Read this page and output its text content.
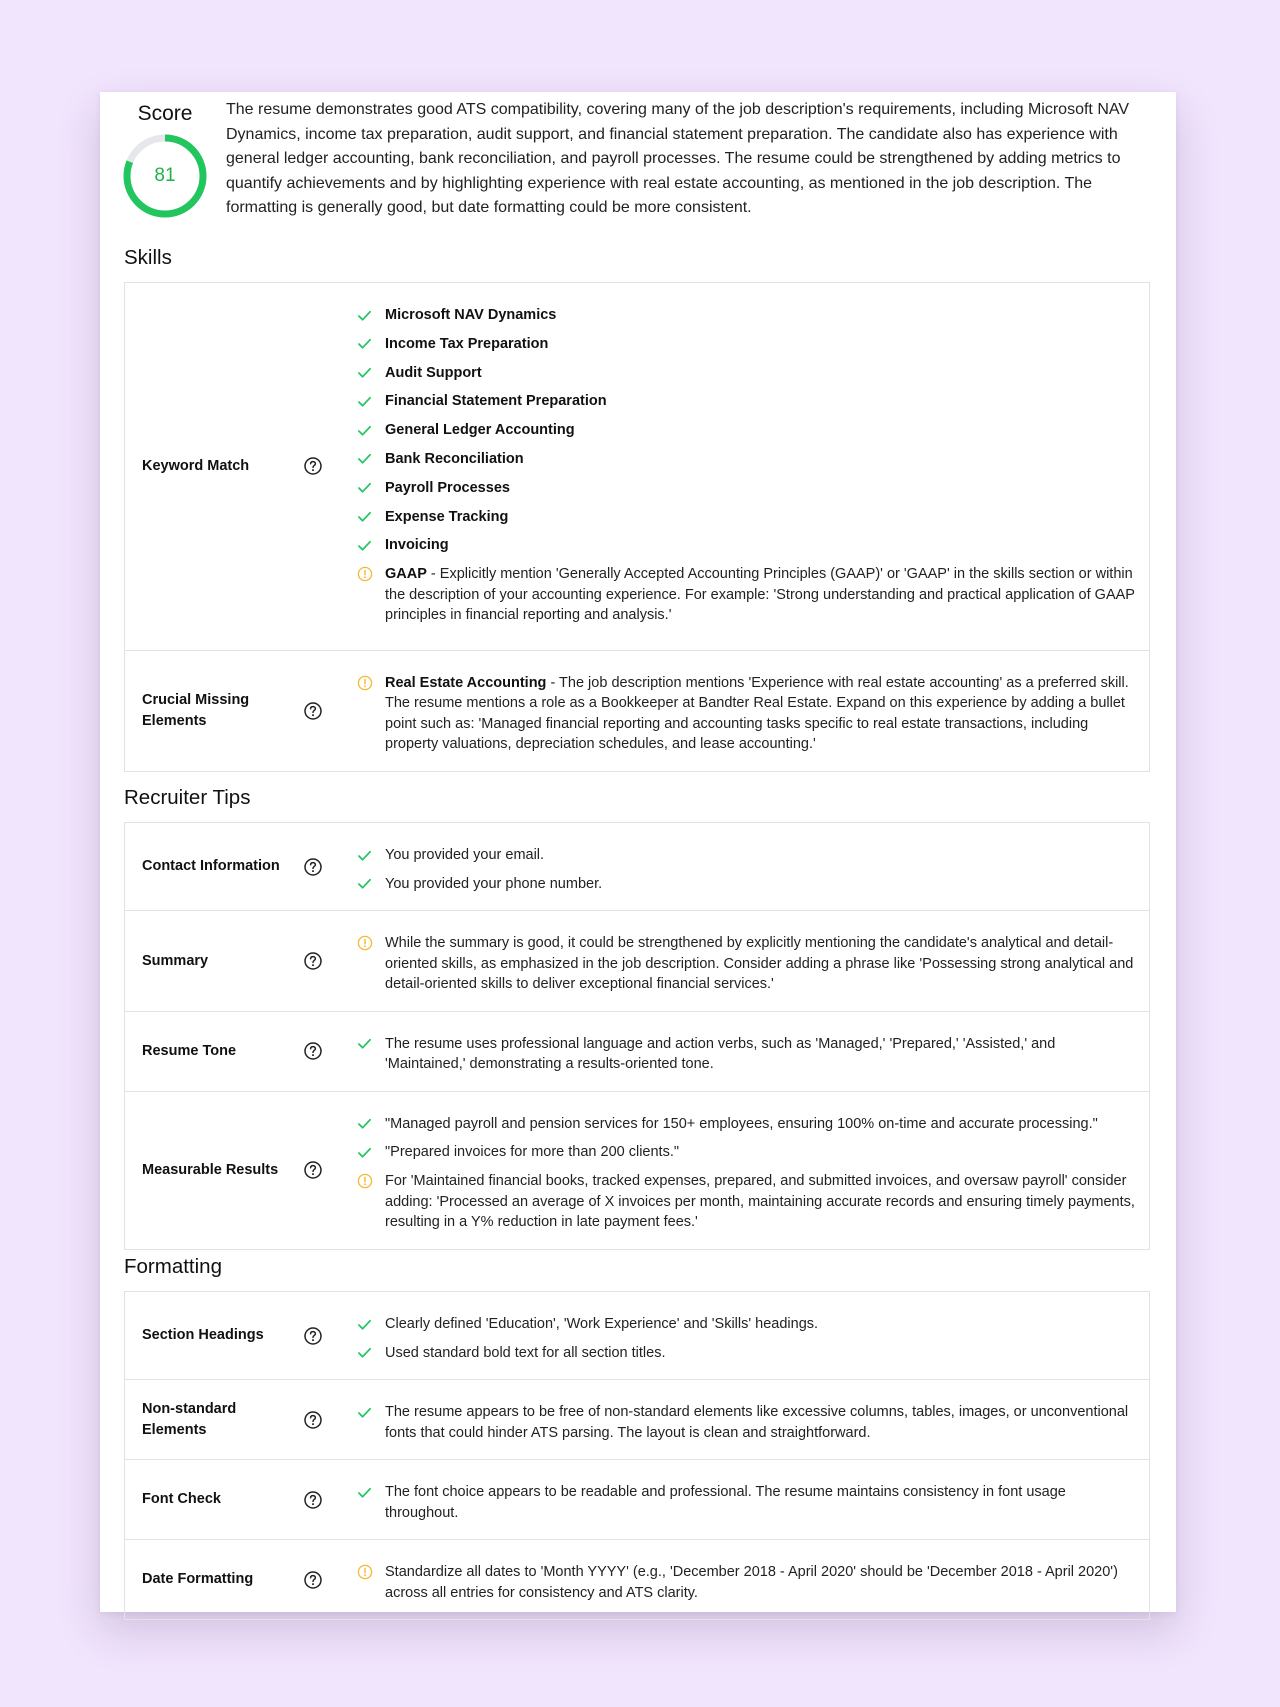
Score
81
The resume demonstrates good ATS compatibility, covering many of the job description's requirements, including Microsoft NAV Dynamics, income tax preparation, audit support, and financial statement preparation. The candidate also has experience with general ledger accounting, bank reconciliation, and payroll processes. The resume could be strengthened by adding metrics to quantify achievements and by highlighting experience with real estate accounting, as mentioned in the job description. The formatting is generally good, but date formatting could be more consistent.
Skills
Keyword Match
Microsoft NAV Dynamics
Income Tax Preparation
Audit Support
Financial Statement Preparation
General Ledger Accounting
Bank Reconciliation
Payroll Processes
Expense Tracking
Invoicing
GAAP - Explicitly mention 'Generally Accepted Accounting Principles (GAAP)' or 'GAAP' in the skills section or within the description of your accounting experience. For example: 'Strong understanding and practical application of GAAP principles in financial reporting and analysis.'
Crucial Missing Elements
Real Estate Accounting - The job description mentions 'Experience with real estate accounting' as a preferred skill. The resume mentions a role as a Bookkeeper at Bandter Real Estate. Expand on this experience by adding a bullet point such as: 'Managed financial reporting and accounting tasks specific to real estate transactions, including property valuations, depreciation schedules, and lease accounting.'
Recruiter Tips
Contact Information
You provided your email.
You provided your phone number.
Summary
While the summary is good, it could be strengthened by explicitly mentioning the candidate's analytical and detail-oriented skills, as emphasized in the job description. Consider adding a phrase like 'Possessing strong analytical and detail-oriented skills to deliver exceptional financial services.'
Resume Tone	The resume uses professional language and action verbs, such as 'Managed,' 'Prepared,' 'Assisted,' and 'Maintained,' demonstrating a results-oriented tone.
Measurable Results
"Managed payroll and pension services for 150+ employees, ensuring 100% on-time and accurate processing."
"Prepared invoices for more than 200 clients."
For 'Maintained financial books, tracked expenses, prepared, and submitted invoices, and oversaw payroll' consider adding: 'Processed an average of X invoices per month, maintaining accurate records and ensuring timely payments, resulting in a Y% reduction in late payment fees.'
Formatting
Section Headings
Clearly defined 'Education', 'Work Experience' and 'Skills' headings.
Used standard bold text for all section titles.
Non-standard Elements
The resume appears to be free of non-standard elements like excessive columns, tables, images, or unconventional fonts that could hinder ATS parsing. The layout is clean and straightforward.
Font Check	The font choice appears to be readable and professional. The resume maintains consistency in font usage throughout.
Date Formatting	Standardize all dates to 'Month YYYY' (e.g., 'December 2018 - April 2020' should be 'December 2018 - April 2020') across all entries for consistency and ATS clarity.
